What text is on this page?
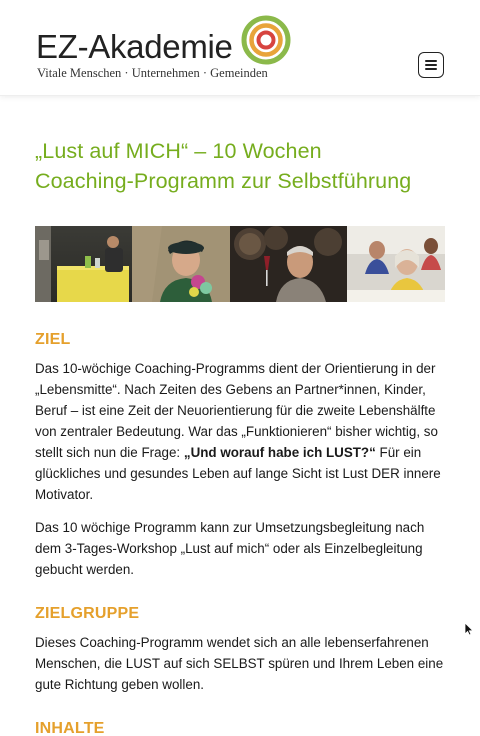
EZ-Akademie
Vitale Menschen · Unternehmen · Gemeinden
„Lust auf MICH“ – 10 Wochen
Coaching-Programm zur Selbstführung
ZIEL

Das 10-wöchige Coaching-Programms dient der Orientierung in der „Lebensmitte“. Nach Zeiten des Gebens an Partner*innen, Kinder, Beruf – ist eine Zeit der Neuorientierung für die zweite Lebenshälfte von zentraler Bedeutung. War das „Funktionieren“ bisher wichtig, so stellt sich nun die Frage: „Und worauf habe ich LUST?“ Für ein glückliches und gesundes Leben auf lange Sicht ist Lust DER innere Motivator.

Das 10 wöchige Programm kann zur Umsetzungsbegleitung nach dem 3-Tages-Workshop „Lust auf mich“ oder als Einzelbegleitung gebucht werden.

ZIELGRUPPE

Dieses Coaching-Programm wendet sich an alle lebenserfahrenen Menschen, die LUST auf sich SELBST spüren und Ihrem Leben eine gute Richtung geben wollen.

INHALTE
